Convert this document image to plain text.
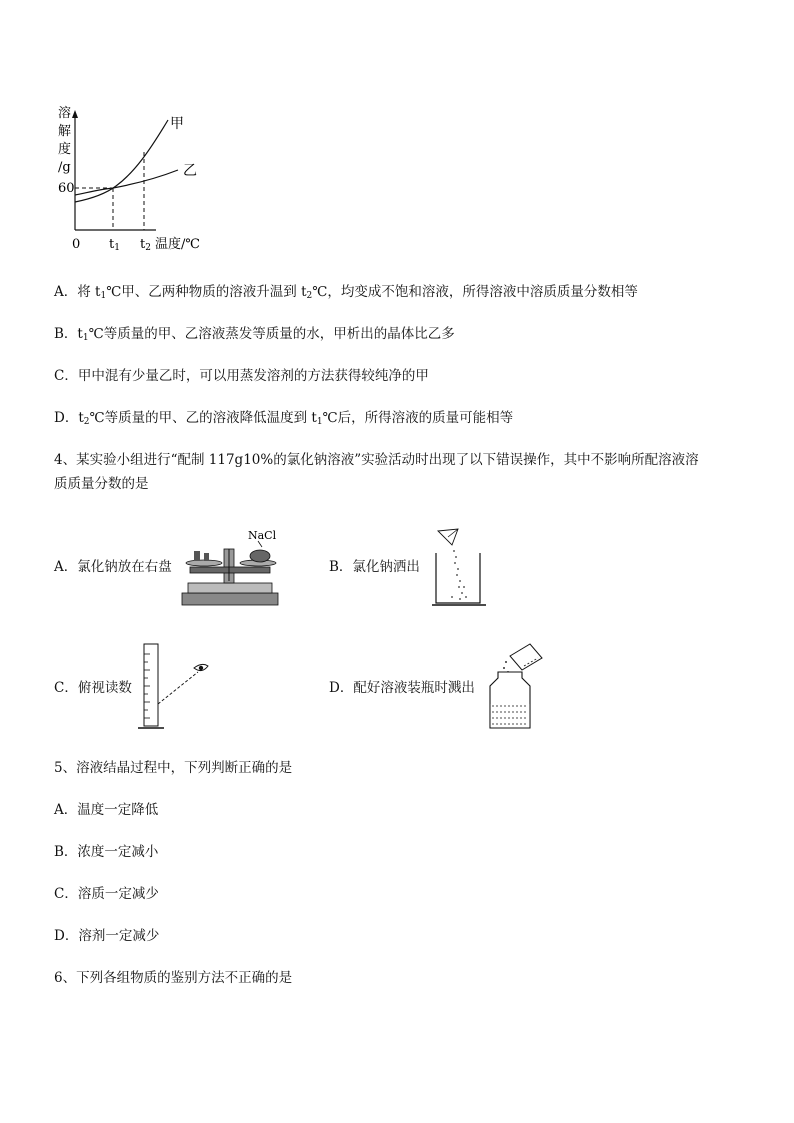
溶
解
度
/g
60
0 t1 t2 温度/℃
甲
乙
A．将 $t_1℃$甲、乙两种物质的溶液升温到 $t_2℃$，均变成不饱和溶液，所得溶液中溶质质量分数相等
B．$t_1℃$等质量的甲、乙溶液蒸发等质量的水，甲析出的晶体比乙多
C．甲中混有少量乙时，可以用蒸发溶剂的方法获得较纯净的甲
D．$t_2℃$等质量的甲、乙的溶液降低温度到 $t_1℃$后，所得溶液的质量可能相等
4、某实验小组进行“配制 117g10%的氯化钠溶液”实验活动时出现了以下错误操作，其中不影响所配溶液溶
质质量分数的是
A．氯化钠放在右盘
NaCl
B．氯化钠洒出
C．俯视读数	D．配好溶液装瓶时溅出
5、溶液结晶过程中，下列判断正确的是
A．温度一定降低
B．浓度一定减小
C．溶质一定减少
D．溶剂一定减少
6、下列各组物质的鉴别方法不正确的是
